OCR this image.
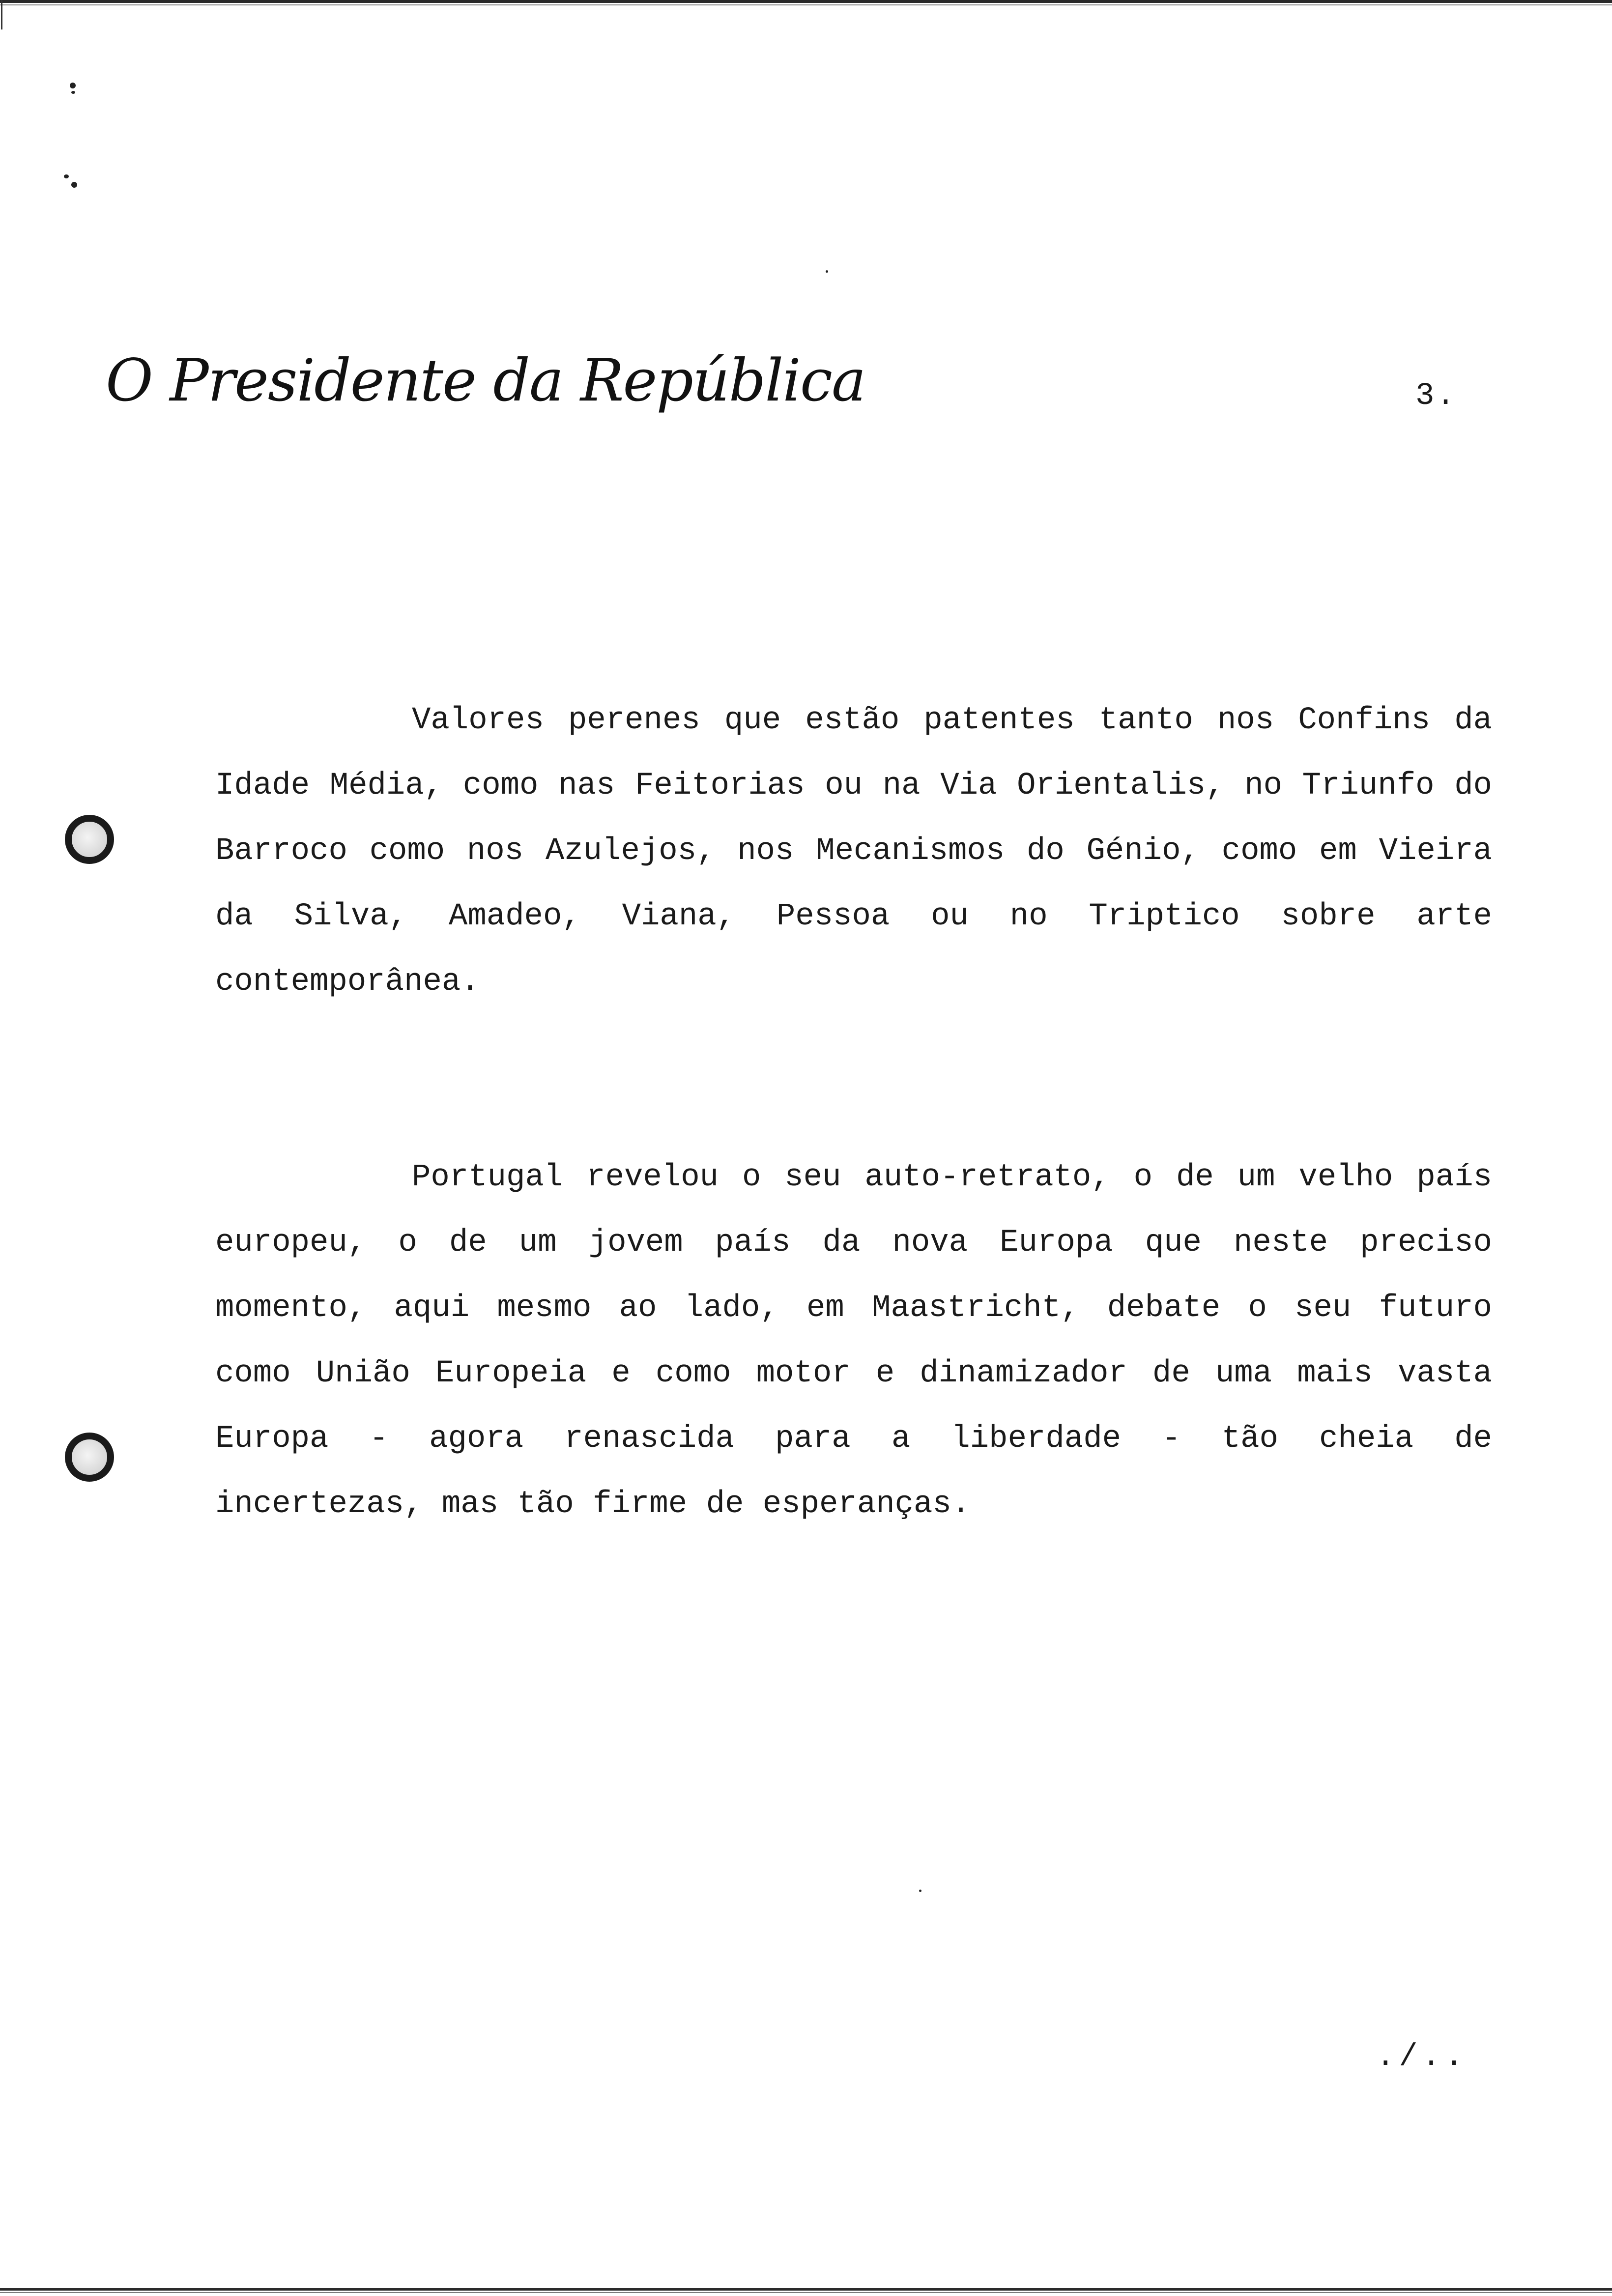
O Presidente da República	3.

Valores perenes que estão patentes tanto nos Confins da Idade Média, como nas Feitorias ou na Via Orientalis, no Triunfo do Barroco como nos Azulejos, nos Mecanismos do Génio, como em Vieira da Silva, Amadeo, Viana, Pessoa ou no Triptico sobre arte contemporânea.

Portugal revelou o seu auto-retrato, o de um velho país europeu, o de um jovem país da nova Europa que neste preciso momento, aqui mesmo ao lado, em Maastricht, debate o seu futuro como União Europeia e como motor e dinamizador de uma mais vasta Europa - agora renascida para a liberdade - tão cheia de incertezas, mas tão firme de esperanças.

./..
